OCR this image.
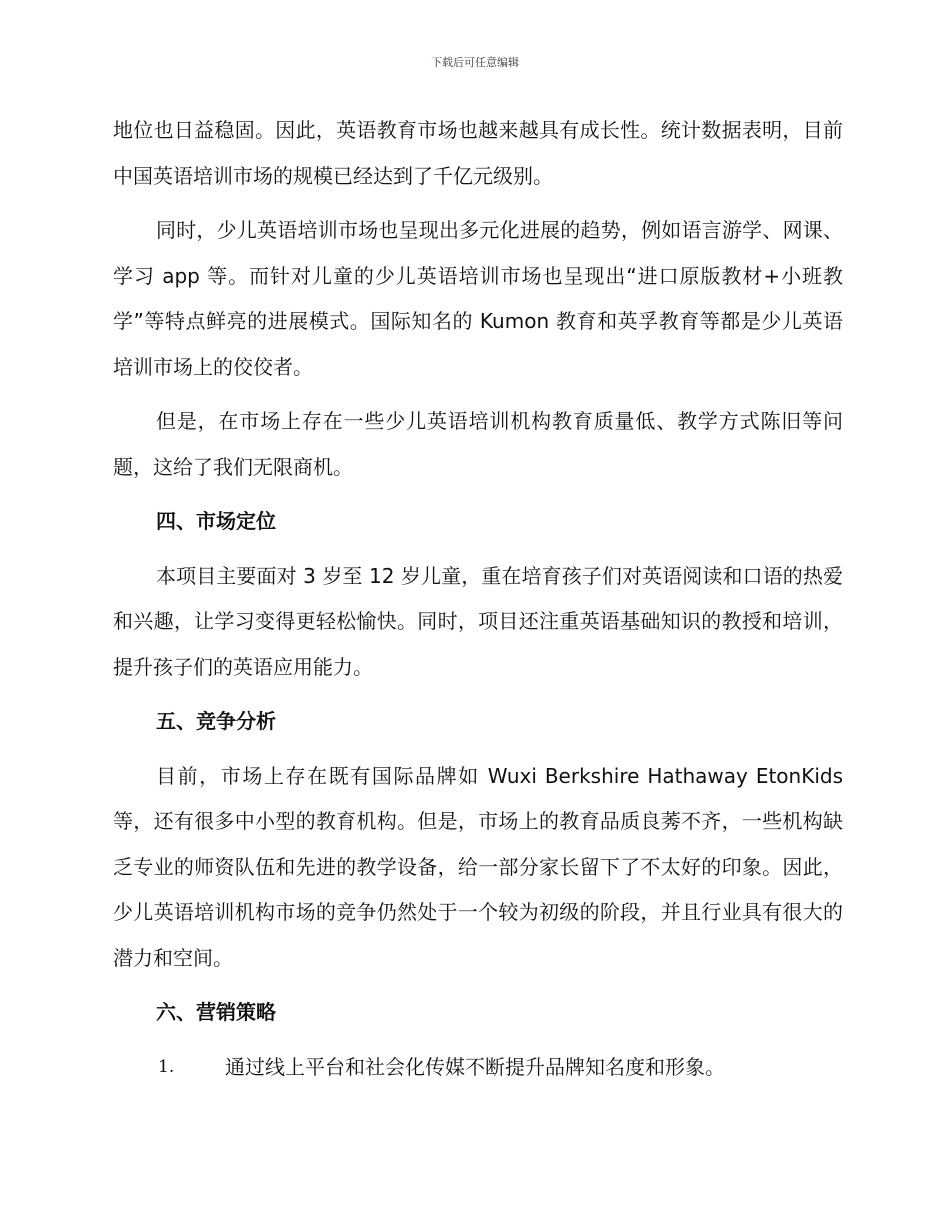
下载后可任意编辑

地位也日益稳固。因此，英语教育市场也越来越具有成长性。统计数据表明，目前中国英语培训市场的规模已经达到了千亿元级别。

同时，少儿英语培训市场也呈现出多元化进展的趋势，例如语言游学、网课、学习 app 等。而针对儿童的少儿英语培训市场也呈现出“进口原版教材+小班教学”等特点鲜亮的进展模式。国际知名的 Kumon 教育和英孚教育等都是少儿英语培训市场上的佼佼者。

但是，在市场上存在一些少儿英语培训机构教育质量低、教学方式陈旧等问题，这给了我们无限商机。

四、市场定位

本项目主要面对 3 岁至 12 岁儿童，重在培育孩子们对英语阅读和口语的热爱和兴趣，让学习变得更轻松愉快。同时，项目还注重英语基础知识的教授和培训，提升孩子们的英语应用能力。

五、竞争分析

目前，市场上存在既有国际品牌如 Wuxi Berkshire Hathaway EtonKids 等，还有很多中小型的教育机构。但是，市场上的教育品质良莠不齐，一些机构缺乏专业的师资队伍和先进的教学设备，给一部分家长留下了不太好的印象。因此，少儿英语培训机构市场的竞争仍然处于一个较为初级的阶段，并且行业具有很大的潜力和空间。

六、营销策略

1.	通过线上平台和社会化传媒不断提升品牌知名度和形象。
